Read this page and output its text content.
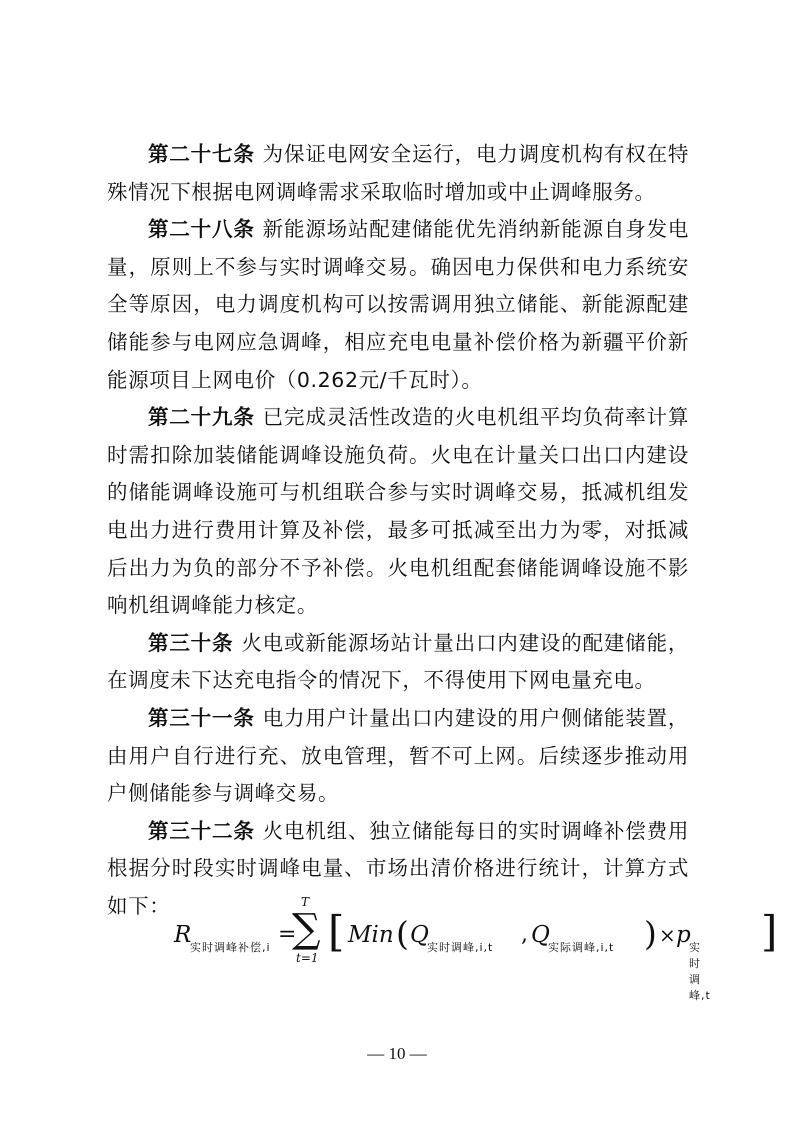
第二十七条 为保证电网安全运行，电力调度机构有权在特殊情况下根据电网调峰需求采取临时增加或中止调峰服务。

第二十八条 新能源场站配建储能优先消纳新能源自身发电量，原则上不参与实时调峰交易。确因电力保供和电力系统安全等原因，电力调度机构可以按需调用独立储能、新能源配建储能参与电网应急调峰，相应充电电量补偿价格为新疆平价新能源项目上网电价（0.262元/千瓦时）。

第二十九条 已完成灵活性改造的火电机组平均负荷率计算时需扣除加装储能调峰设施负荷。火电在计量关口出口内建设的储能调峰设施可与机组联合参与实时调峰交易，抵减机组发电出力进行费用计算及补偿，最多可抵减至出力为零，对抵减后出力为负的部分不予补偿。火电机组配套储能调峰设施不影响机组调峰能力核定。

第三十条 火电或新能源场站计量出口内建设的配建储能，在调度未下达充电指令的情况下，不得使用下网电量充电。

第三十一条 电力用户计量出口内建设的用户侧储能装置，由用户自行进行充、放电管理，暂不可上网。后续逐步推动用户侧储能参与调峰交易。

第三十二条 火电机组、独立储能每日的实时调峰补偿费用根据分时段实时调峰电量、市场出清价格进行统计，计算方式如下：

R
实时调峰补偿,i
=
T
∑
t=1
[ Min ( Q
实时调峰,i,t
, Q
实际调峰,i,t ) × p
实时调峰,t
]
— 10 —
